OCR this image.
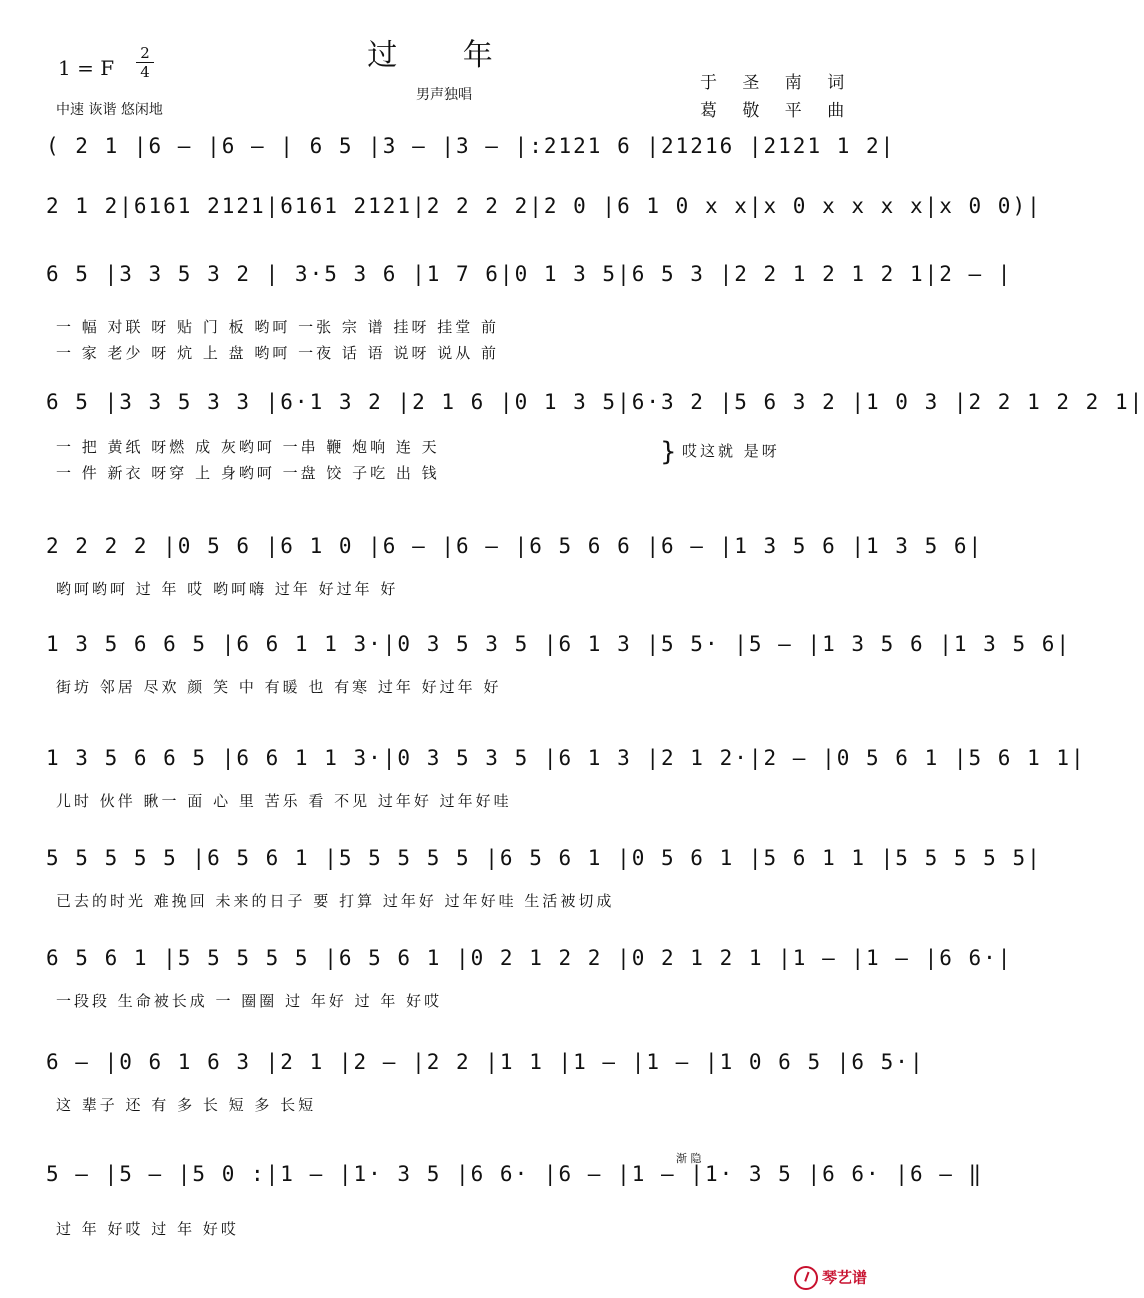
过 年
男声独唱
1 = F
2
4
中速 诙谐 悠闲地
于 圣 南 词
葛 敬 平 曲
( 2 1 |6 — |6 — | 6 5 |3 — |3 — |:2121 6 |21216 |2121 1 2|
2 1 2|6161 2121|6161 2121|2 2 2 2|2 0 |6 1 0 x x|x 0 x x x x|x 0 0)|
6 5 |3 3 5 3 2 | 3·5 3 6 |1 7 6|0 1 3 5|6 5 3 |2 2 1 2 1 2 1|2 — |
一 幅 对联 呀 贴 门 板 哟呵 一张 宗 谱 挂呀 挂堂 前
一 家 老少 呀 炕 上 盘 哟呵 一夜 话 语 说呀 说从 前
6 5 |3 3 5 3 3 |6·1 3 2 |2 1 6 |0 1 3 5|6·3 2 |5 6 3 2 |1 0 3 |2 2 1 2 2 1|
一 把 黄纸 呀燃 成 灰哟呵 一串 鞭 炮响 连 天
一 件 新衣 呀穿 上 身哟呵 一盘 饺 子吃 出 钱
2 2 2 2 |0 5 6 |6 1 0 |6 — |6 — |6 5 6 6 |6 — |1 3 5 6 |1 3 5 6|
哟呵哟呵 过 年 哎 哟呵嗨 过年 好过年 好
1 3 5 6 6 5 |6 6 1 1 3·|0 3 5 3 5 |6 1 3 |5 5· |5 — |1 3 5 6 |1 3 5 6|
街坊 邻居 尽欢 颜 笑 中 有暖 也 有寒 过年 好过年 好
1 3 5 6 6 5 |6 6 1 1 3·|0 3 5 3 5 |6 1 3 |2 1 2·|2 — |0 5 6 1 |5 6 1 1|
儿时 伙伴 瞅一 面 心 里 苦乐 看 不见 过年好 过年好哇
5 5 5 5 5 |6 5 6 1 |5 5 5 5 5 |6 5 6 1 |0 5 6 1 |5 6 1 1 |5 5 5 5 5|
已去的时光 难挽回 未来的日子 要 打算 过年好 过年好哇 生活被切成
6 5 6 1 |5 5 5 5 5 |6 5 6 1 |0 2 1 2 2 |0 2 1 2 1 |1 — |1 — |6 6·|
一段段 生命被长成 一 圈圈 过 年好 过 年 好哎
6 — |0 6 1 6 3 |2 1 |2 — |2 2 |1 1 |1 — |1 — |1 0 6 5 |6 5·|
这 辈子 还 有 多 长 短 多 长短
5 — |5 — |5 0 :|1 — |1· 3 5 |6 6· |6 — |1 — |1· 3 5 |6 6· |6 — ‖
过 年 好哎 过 年 好哎
} 哎这就 是呀
渐 隐
琴艺谱
